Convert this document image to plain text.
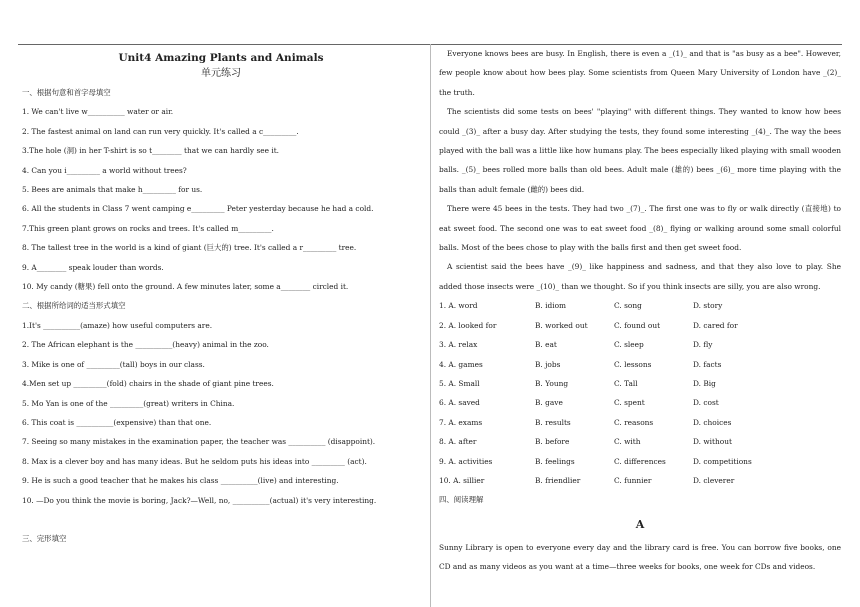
Unit4 Amazing Plants and Animals
单元练习
一、根据句意和首字母填空
1. We can't live w__________ water or air.
2. The fastest animal on land can run very quickly. It's called a c_________.
3.The hole (洞) in her T-shirt is so t________ that we can hardly see it.
4. Can you i_________ a world without trees?
5. Bees are animals that make h_________ for us.
6. All the students in Class 7 went camping e_________ Peter yesterday because he had a cold.
7.This green plant grows on rocks and trees. It's called m_________.
8. The tallest tree in the world is a kind of giant (巨大的) tree. It's called a r_________ tree.
9. A________ speak louder than words.
10. My candy (糖果) fell onto the ground. A few minutes later, some a________ circled it.
二、根据所给词的适当形式填空
1.It's __________(amaze) how useful computers are.
2. The African elephant is the __________(heavy) animal in the zoo.
3. Mike is one of _________(tall) boys in our class.
4.Men set up _________(fold) chairs in the shade of giant pine trees.
5. Mo Yan is one of the _________(great) writers in China.
6. This coat is __________(expensive) than that one.
7. Seeing so many mistakes in the examination paper, the teacher was __________ (disappoint).
8. Max is a clever boy and has many ideas. But he seldom puts his ideas into _________ (act).
9. He is such a good teacher that he makes his class __________(live) and interesting.
10. —Do you think the movie is boring, Jack?—Well, no, __________(actual) it's very interesting.
三、完形填空
Everyone knows bees are busy. In English, there is even a _(1)_ and that is "as busy as a bee". However, few people know about how bees play. Some scientists from Queen Mary University of London have _(2)_ the truth.
The scientists did some tests on bees' "playing" with different things. They wanted to know how bees could _(3)_ after a busy day. After studying the tests, they found some interesting _(4)_. The way the bees played with the ball was a little like how humans play. The bees especially liked playing with small wooden balls. _(5)_ bees rolled more balls than old bees. Adult male (雄的) bees _(6)_ more time playing with the balls than adult female (雌的) bees did.
There were 45 bees in the tests. They had two _(7)_. The first one was to fly or walk directly (直接地) to eat sweet food. The second one was to eat sweet food _(8)_ flying or walking around some small colorful balls. Most of the bees chose to play with the balls first and then get sweet food.
A scientist said the bees have _(9)_ like happiness and sadness, and that they also love to play. She added those insects were _(10)_ than we thought. So if you think insects are silly, you are also wrong.
1. A. word	B. idiom	C. song	D. story
2. A. looked for	B. worked out	C. found out	D. cared for
3. A. relax	B. eat	C. sleep	D. fly
4. A. games	B. jobs	C. lessons	D. facts
5. A. Small	B. Young	C. Tall	D. Big
6. A. saved	B. gave	C. spent	D. cost
7. A. exams	B. results	C. reasons	D. choices
8. A. after	B. before	C. with	D. without
9. A. activities	B. feelings	C. differences	D. competitions
10. A. sillier	B. friendlier	C. funnier	D. cleverer
四、阅读理解
A
Sunny Library is open to everyone every day and the library card is free. You can borrow five books, one CD and as many videos as you want at a time—three weeks for books, one week for CDs and videos.
